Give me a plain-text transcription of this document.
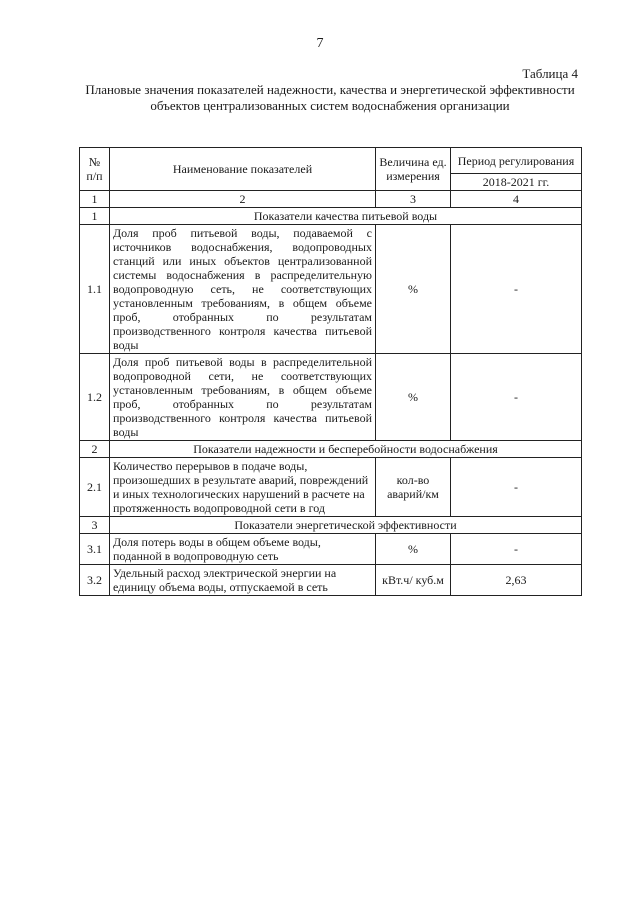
7
Таблица 4
Плановые значения показателей надежности, качества и энергетической эффективности объектов централизованных систем водоснабжения организации
№ п/п	Наименование показателей	Величина ед. измерения	Период регулирования
			2018-2021 гг.
1	2	3	4
1	Показатели качества питьевой воды		
1.1	Доля проб питьевой воды, подаваемой с источников водоснабжения, водопроводных станций или иных объектов централизованной системы водоснабжения в распределительную водопроводную сеть, не соответствующих установленным требованиям, в общем объеме проб, отобранных по результатам производственного контроля качества питьевой воды	%	-
1.2	Доля проб питьевой воды в распределительной водопроводной сети, не соответствующих установленным требованиям, в общем объеме проб, отобранных по результатам производственного контроля качества питьевой воды	%	-
2	Показатели надежности и бесперебойности водоснабжения		
2.1	Количество перерывов в подаче воды, произошедших в результате аварий, повреждений и иных технологических нарушений в расчете на протяженность водопроводной сети в год	кол-во аварий/км	-
3	Показатели энергетической эффективности		
3.1	Доля потерь воды в общем объеме воды, поданной в водопроводную сеть	%	-
3.2	Удельный расход электрической энергии на единицу объема воды, отпускаемой в сеть	кВт.ч/ куб.м	2,63
